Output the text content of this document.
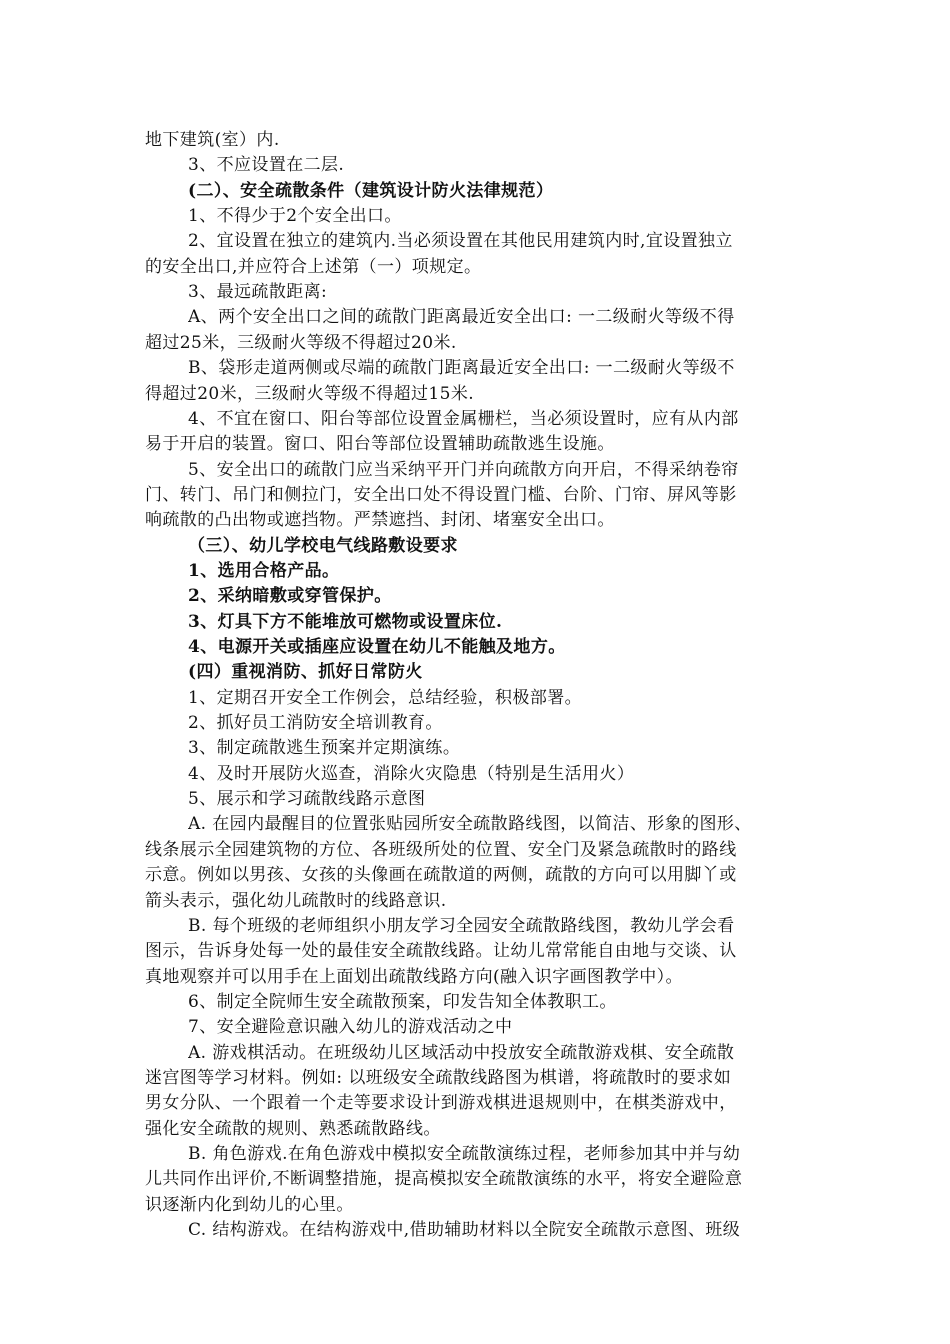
地下建筑(室）内.
3、不应设置在二层.
(二）、安全疏散条件（建筑设计防火法律规范）
1、不得少于2个安全出口。
2、宜设置在独立的建筑内.当必须设置在其他民用建筑内时,宜设置独立
的安全出口,并应符合上述第（一）项规定。
3、最远疏散距离:
A、两个安全出口之间的疏散门距离最近安全出口: 一二级耐火等级不得
超过25米，三级耐火等级不得超过20米.
B、袋形走道两侧或尽端的疏散门距离最近安全出口: 一二级耐火等级不
得超过20米，三级耐火等级不得超过15米.
4、不宜在窗口、阳台等部位设置金属栅栏，当必须设置时，应有从内部
易于开启的装置。窗口、阳台等部位设置辅助疏散逃生设施。
5、安全出口的疏散门应当采纳平开门并向疏散方向开启，不得采纳卷帘
门、转门、吊门和侧拉门，安全出口处不得设置门槛、台阶、门帘、屏风等影
响疏散的凸出物或遮挡物。严禁遮挡、封闭、堵塞安全出口。
（三）、幼儿学校电气线路敷设要求
1、选用合格产品。
2、采纳暗敷或穿管保护。
3、灯具下方不能堆放可燃物或设置床位.
4、电源开关或插座应设置在幼儿不能触及地方。
(四）重视消防、抓好日常防火
1、定期召开安全工作例会，总结经验，积极部署。
2、抓好员工消防安全培训教育。
3、制定疏散逃生预案并定期演练。
4、及时开展防火巡查，消除火灾隐患（特别是生活用火）
5、展示和学习疏散线路示意图
A. 在园内最醒目的位置张贴园所安全疏散路线图，以简洁、形象的图形、
线条展示全园建筑物的方位、各班级所处的位置、安全门及紧急疏散时的路线
示意。例如以男孩、女孩的头像画在疏散道的两侧，疏散的方向可以用脚丫或
箭头表示，强化幼儿疏散时的线路意识.
B. 每个班级的老师组织小朋友学习全园安全疏散路线图，教幼儿学会看
图示，告诉身处每一处的最佳安全疏散线路。让幼儿常常能自由地与交谈、认
真地观察并可以用手在上面划出疏散线路方向(融入识字画图教学中）。
6、制定全院师生安全疏散预案，印发告知全体教职工。
7、安全避险意识融入幼儿的游戏活动之中
A. 游戏棋活动。在班级幼儿区域活动中投放安全疏散游戏棋、安全疏散
迷宫图等学习材料。例如: 以班级安全疏散线路图为棋谱，将疏散时的要求如
男女分队、一个跟着一个走等要求设计到游戏棋进退规则中，在棋类游戏中，
强化安全疏散的规则、熟悉疏散路线。
B. 角色游戏.在角色游戏中模拟安全疏散演练过程，老师参加其中并与幼
儿共同作出评价,不断调整措施，提高模拟安全疏散演练的水平，将安全避险意
识逐渐内化到幼儿的心里。
C. 结构游戏。在结构游戏中,借助辅助材料以全院安全疏散示意图、班级
